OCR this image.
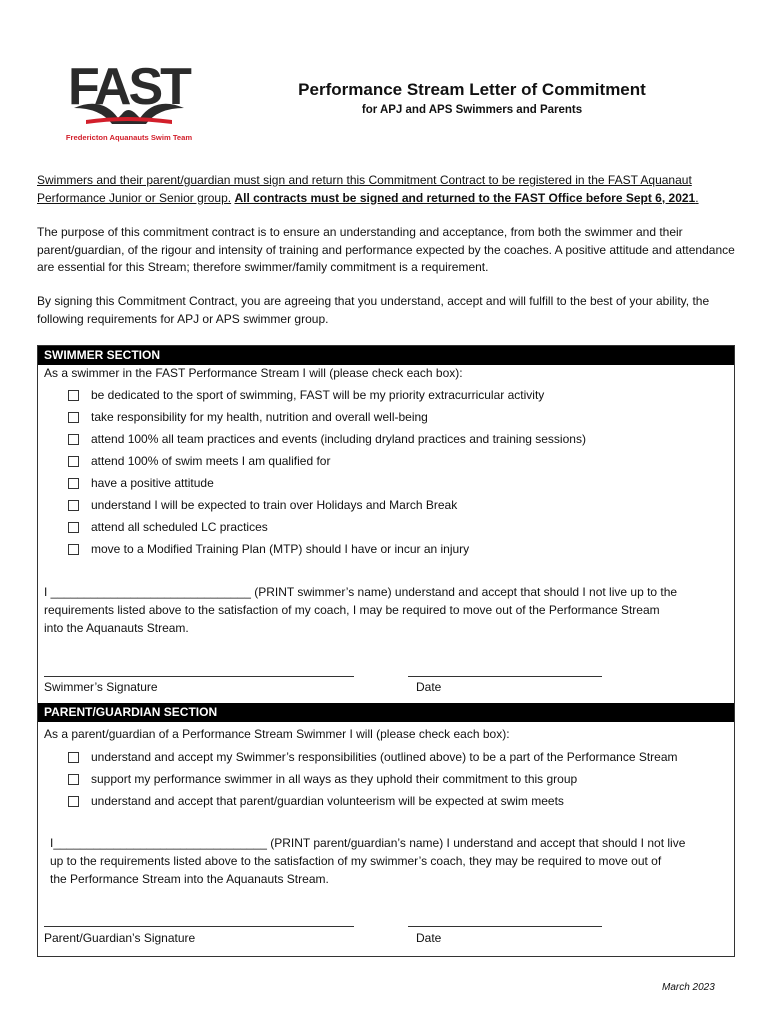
FAST
Fredericton Aquanauts Swim Team
Performance Stream Letter of Commitment
for APJ and APS Swimmers and Parents
Swimmers and their parent/guardian must sign and return this Commitment Contract to be registered in the FAST Aquanaut Performance Junior or Senior group. All contracts must be signed and returned to the FAST Office before Sept 6, 2021.
The purpose of this commitment contract is to ensure an understanding and acceptance, from both the swimmer and their parent/guardian, of the rigour and intensity of training and performance expected by the coaches. A positive attitude and attendance are essential for this Stream; therefore swimmer/family commitment is a requirement.
By signing this Commitment Contract, you are agreeing that you understand, accept and will fulfill to the best of your ability, the following requirements for APJ or APS swimmer group.
SWIMMER SECTION
As a swimmer in the FAST Performance Stream I will (please check each box):
be dedicated to the sport of swimming, FAST will be my priority extracurricular activity
take responsibility for my health, nutrition and overall well-being
attend 100% all team practices and events (including dryland practices and training sessions)
attend 100% of swim meets I am qualified for
have a positive attitude
understand I will be expected to train over Holidays and March Break
attend all scheduled LC practices
move to a Modified Training Plan (MTP) should I have or incur an injury
I ______________________________ (PRINT swimmer’s name) understand and accept that should I not live up to the
requirements listed above to the satisfaction of my coach, I may be required to move out of the Performance Stream
into the Aquanauts Stream.
Swimmer’s Signature	Date
PARENT/GUARDIAN SECTION
As a parent/guardian of a Performance Stream Swimmer I will (please check each box):
understand and accept my Swimmer’s responsibilities (outlined above) to be a part of the Performance Stream
support my performance swimmer in all ways as they uphold their commitment to this group
understand and accept that parent/guardian volunteerism will be expected at swim meets
I________________________________ (PRINT parent/guardian’s name) I understand and accept that should I not live
up to the requirements listed above to the satisfaction of my swimmer’s coach, they may be required to move out of
the Performance Stream into the Aquanauts Stream.
Parent/Guardian’s Signature	Date
March 2023
